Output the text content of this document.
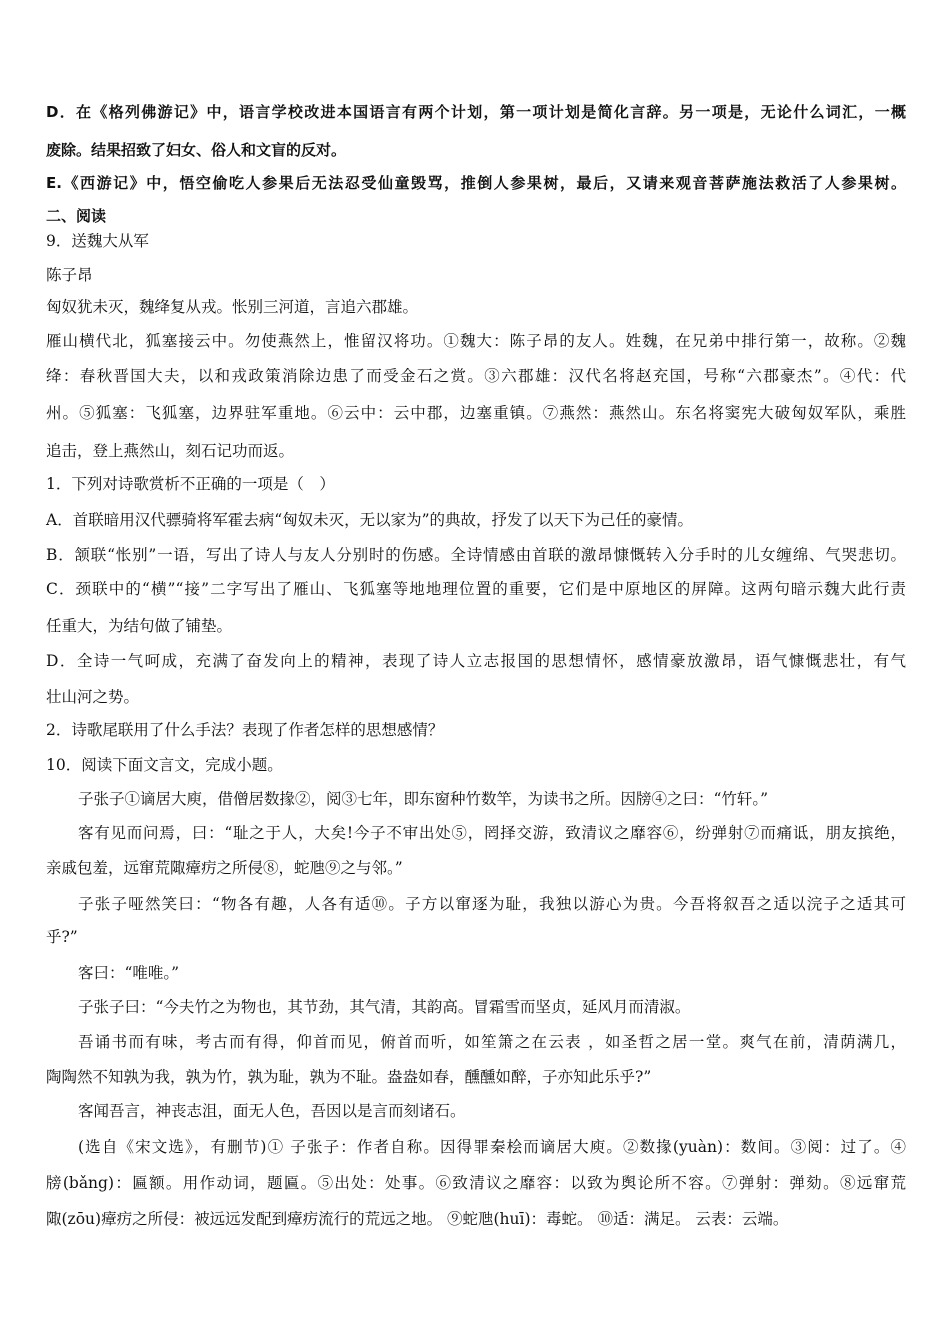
D．在《格列佛游记》中，语言学校改进本国语言有两个计划，第一项计划是简化言辞。另一项是，无论什么词汇，一概
废除。结果招致了妇女、俗人和文盲的反对。
E.《西游记》中，悟空偷吃人参果后无法忍受仙童毁骂，推倒人参果树，最后，又请来观音菩萨施法救活了人参果树。
二、阅读
9．送魏大从军
陈子昂
匈奴犹未灭，魏绛复从戎。怅别三河道，言追六郡雄。
雁山横代北，狐塞接云中。勿使燕然上，惟留汉将功。①魏大：陈子昂的友人。姓魏，在兄弟中排行第一，故称。②魏
绛：春秋晋国大夫，以和戎政策消除边患了而受金石之赏。③六郡雄：汉代名将赵充国，号称“六郡豪杰”。④代：代
州。⑤狐塞：飞狐塞，边界驻军重地。⑥云中：云中郡，边塞重镇。⑦燕然：燕然山。东名将窦宪大破匈奴军队，乘胜
追击，登上燕然山，刻石记功而返。
1．下列对诗歌赏析不正确的一项是（　）
A．首联暗用汉代骠骑将军霍去病“匈奴未灭，无以家为”的典故，抒发了以天下为己任的豪情。
B．颔联“怅别”一语，写出了诗人与友人分别时的伤感。全诗情感由首联的激昂慷慨转入分手时的儿女缠绵、气哭悲切。
C．颈联中的“横”“接”二字写出了雁山、飞狐塞等地地理位置的重要，它们是中原地区的屏障。这两句暗示魏大此行责
任重大，为结句做了铺垫。
D．全诗一气呵成，充满了奋发向上的精神，表现了诗人立志报国的思想情怀，感情豪放激昂，语气慷慨悲壮，有气
壮山河之势。
2．诗歌尾联用了什么手法？表现了作者怎样的思想感情？
10．阅读下面文言文，完成小题。
子张子①谪居大庾，借僧居数掾②，阅③七年，即东窗种竹数竿，为读书之所。因牓④之曰：“竹轩。”
客有见而问焉，曰：“耻之于人，大矣!今子不审出处⑤，罔择交游，致清议之靡容⑥，纷弹射⑦而痛诋，朋友摈绝，
亲戚包羞，远窜荒陬瘴疠之所侵⑧，蛇虺⑨之与邻。”
子张子哑然笑曰：“物各有趣，人各有适⑩。子方以窜逐为耻，我独以游心为贵。今吾将叙吾之适以浣子之适其可
乎?”
客曰：“唯唯。”
子张子曰：“今夫竹之为物也，其节劲，其气清，其韵高。冒霜雪而坚贞，延风月而清淑。
吾诵书而有味，考古而有得，仰首而见，俯首而听，如笙箫之在云表 ，如圣哲之居一堂。爽气在前，清荫满几，
陶陶然不知孰为我，孰为竹，孰为耻，孰为不耻。盎盎如春，醺醺如醉，子亦知此乐乎?”
客闻吾言，神丧志沮，面无人色，吾因以是言而刻诸石。
(选自《宋文选》，有删节)① 子张子：作者自称。因得罪秦桧而谪居大庾。②数掾(yuàn)：数间。③阅：过了。④
牓(bǎng)：匾额。用作动词，题匾。⑤出处：处事。⑥致清议之靡容：以致为舆论所不容。⑦弹射：弹劾。⑧远窜荒
陬(zōu)瘴疠之所侵：被远远发配到瘴疠流行的荒远之地。 ⑨蛇虺(huī)：毒蛇。 ⑩适：满足。 云表：云端。
